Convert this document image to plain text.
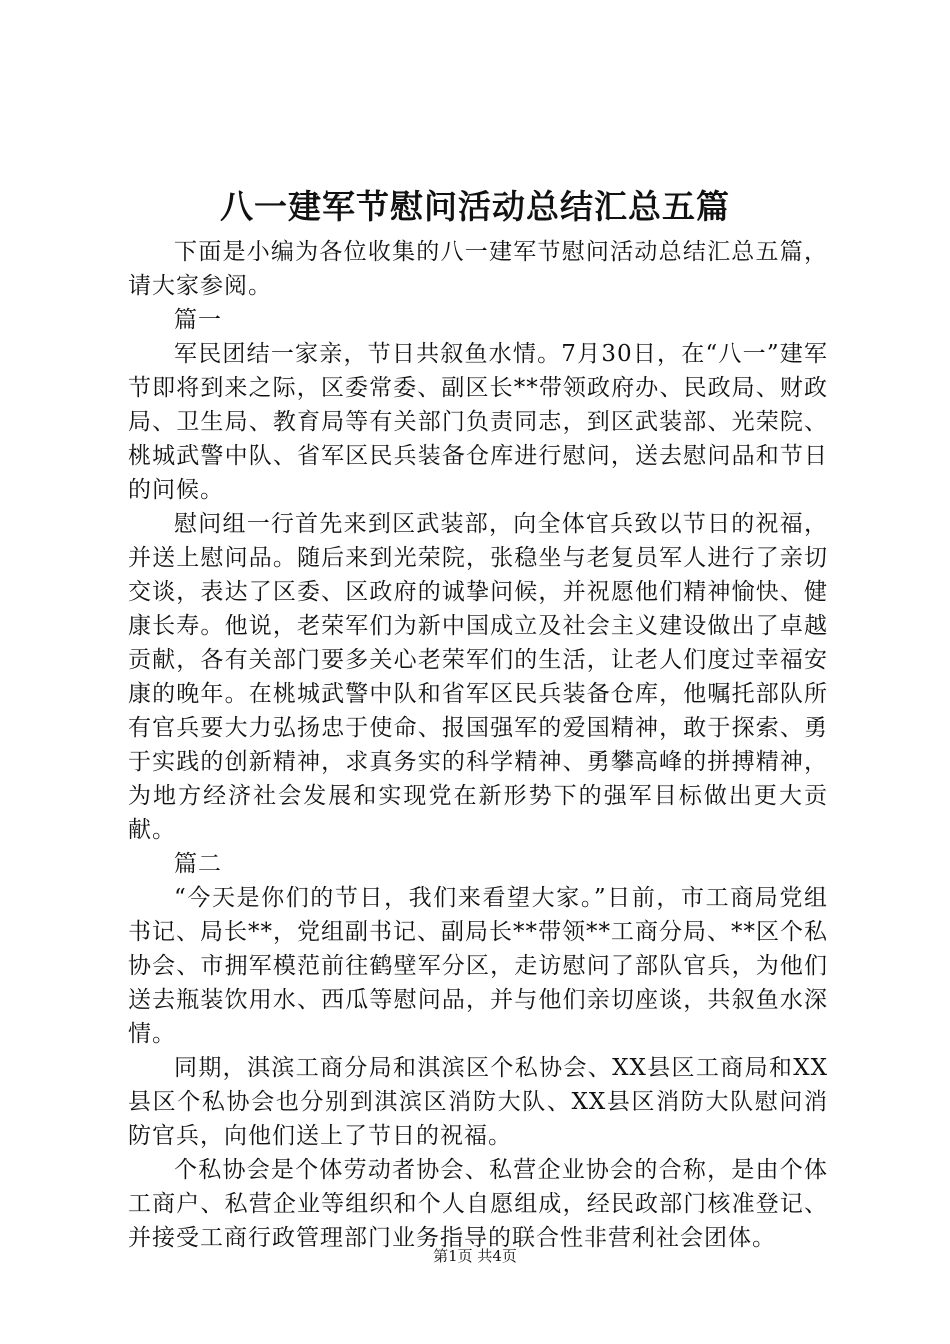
八一建军节慰问活动总结汇总五篇

下面是小编为各位收集的八一建军节慰问活动总结汇总五篇，请大家参阅。

篇一

军民团结一家亲，节日共叙鱼水情。7月30日，在“八一”建军节即将到来之际，区委常委、副区长**带领政府办、民政局、财政局、卫生局、教育局等有关部门负责同志，到区武装部、光荣院、桃城武警中队、省军区民兵装备仓库进行慰问，送去慰问品和节日的问候。

慰问组一行首先来到区武装部，向全体官兵致以节日的祝福，并送上慰问品。随后来到光荣院，张稳坐与老复员军人进行了亲切交谈，表达了区委、区政府的诚挚问候，并祝愿他们精神愉快、健康长寿。他说，老荣军们为新中国成立及社会主义建设做出了卓越贡献，各有关部门要多关心老荣军们的生活，让老人们度过幸福安康的晚年。在桃城武警中队和省军区民兵装备仓库，他嘱托部队所有官兵要大力弘扬忠于使命、报国强军的爱国精神，敢于探索、勇于实践的创新精神，求真务实的科学精神、勇攀高峰的拼搏精神，为地方经济社会发展和实现党在新形势下的强军目标做出更大贡献。

篇二

“今天是你们的节日，我们来看望大家。”日前，市工商局党组书记、局长**，党组副书记、副局长**带领**工商分局、**区个私协会、市拥军模范前往鹤壁军分区，走访慰问了部队官兵，为他们送去瓶装饮用水、西瓜等慰问品，并与他们亲切座谈，共叙鱼水深情。

同期，淇滨工商分局和淇滨区个私协会、XX县区工商局和XX县区个私协会也分别到淇滨区消防大队、XX县区消防大队慰问消防官兵，向他们送上了节日的祝福。

个私协会是个体劳动者协会、私营企业协会的合称，是由个体工商户、私营企业等组织和个人自愿组成，经民政部门核准登记、并接受工商行政管理部门业务指导的联合性非营利社会团体。

第1页 共4页
